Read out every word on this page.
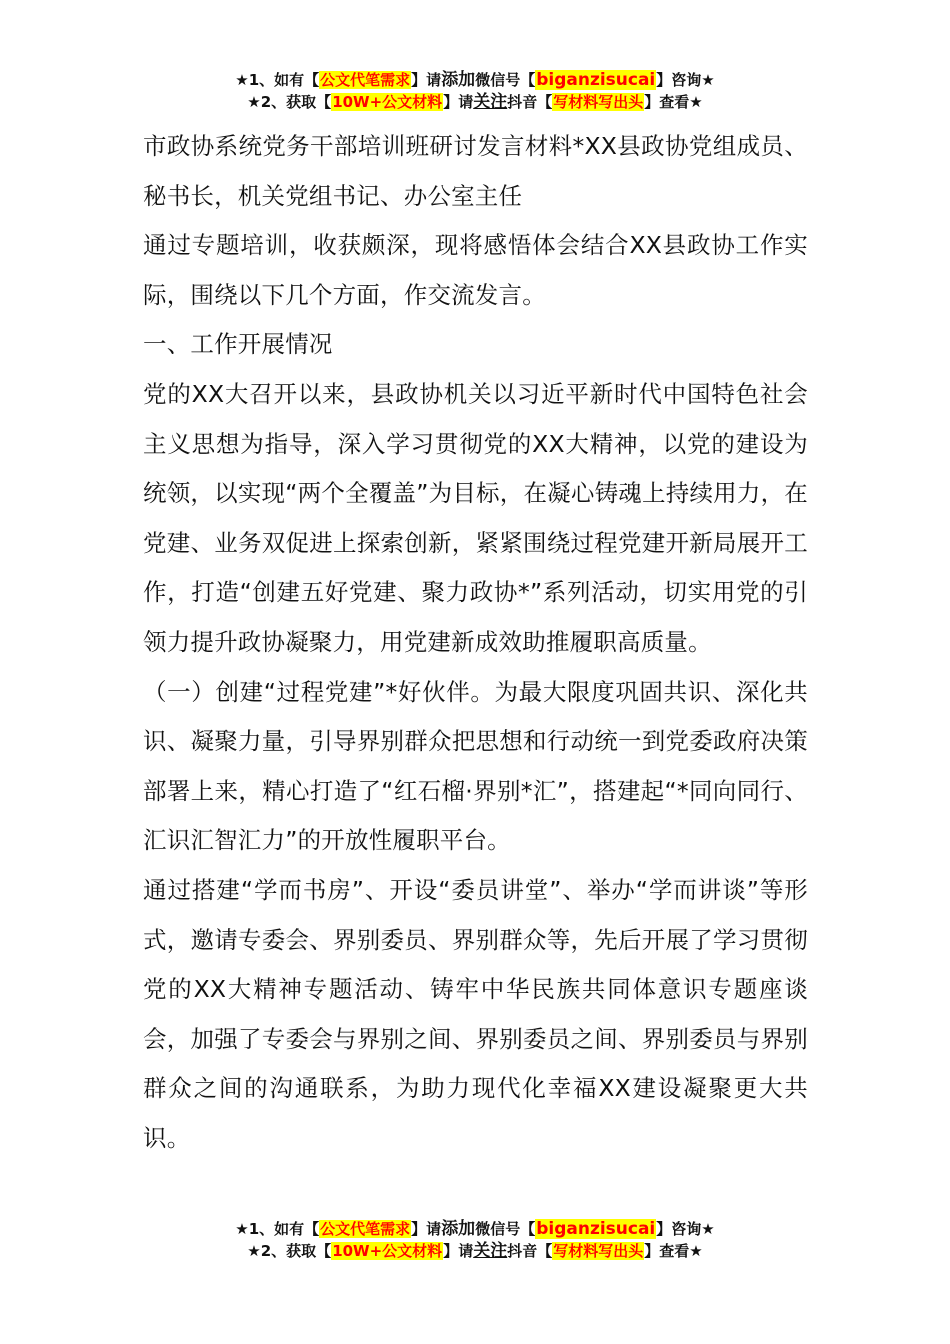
★1、如有【公文代笔需求】请添加微信号【biganzisucai】咨询★
★2、获取【10W+公文材料】请关注抖音【写材料写出头】查看★

市政协系统党务干部培训班研讨发言材料*XX县政协党组成员、秘书长，机关党组书记、办公室主任

通过专题培训，收获颇深，现将感悟体会结合XX县政协工作实际，围绕以下几个方面，作交流发言。

一、工作开展情况

党的XX大召开以来，县政协机关以习近平新时代中国特色社会主义思想为指导，深入学习贯彻党的XX大精神，以党的建设为统领，以实现“两个全覆盖”为目标，在凝心铸魂上持续用力，在党建、业务双促进上探索创新，紧紧围绕过程党建开新局展开工作，打造“创建五好党建、聚力政协*”系列活动，切实用党的引领力提升政协凝聚力，用党建新成效助推履职高质量。

（一）创建“过程党建”*好伙伴。为最大限度巩固共识、深化共识、凝聚力量，引导界别群众把思想和行动统一到党委政府决策部署上来，精心打造了“红石榴·界别*汇”，搭建起“*同向同行、汇识汇智汇力”的开放性履职平台。

通过搭建“学而书房”、开设“委员讲堂”、举办“学而讲谈”等形式，邀请专委会、界别委员、界别群众等，先后开展了学习贯彻党的XX大精神专题活动、铸牢中华民族共同体意识专题座谈会，加强了专委会与界别之间、界别委员之间、界别委员与界别群众之间的沟通联系，为助力现代化幸福XX建设凝聚更大共识。

★1、如有【公文代笔需求】请添加微信号【biganzisucai】咨询★
★2、获取【10W+公文材料】请关注抖音【写材料写出头】查看★
